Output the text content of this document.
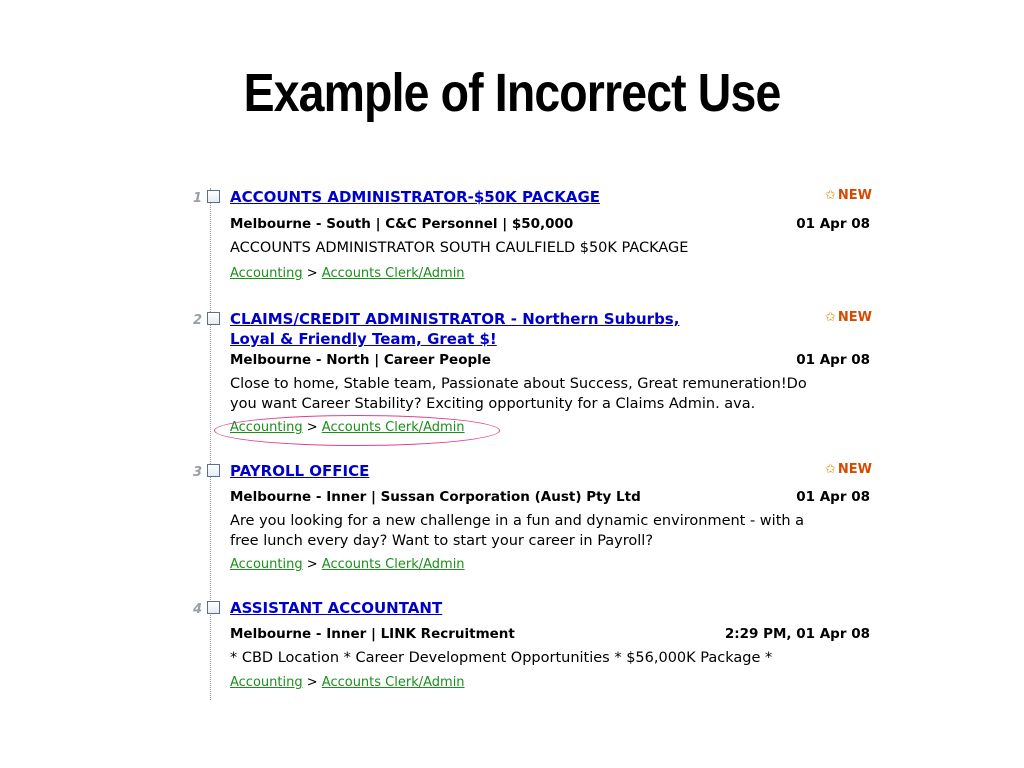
Example of Incorrect Use
1 ACCOUNTS ADMINISTRATOR-$50K PACKAGE	✩ NEW
Melbourne - South | C&C Personnel | $50,000	01 Apr 08
ACCOUNTS ADMINISTRATOR SOUTH CAULFIELD $50K PACKAGE
Accounting > Accounts Clerk/Admin
2 CLAIMS/CREDIT ADMINISTRATOR - Northern Suburbs,
Loyal & Friendly Team, Great $!
✩ NEW
Melbourne - North | Career People	01 Apr 08
Close to home, Stable team, Passionate about Success, Great remuneration!Do
you want Career Stability? Exciting opportunity for a Claims Admin. ava.
Accounting > Accounts Clerk/Admin
3 PAYROLL OFFICE	✩ NEW
Melbourne - Inner | Sussan Corporation (Aust) Pty Ltd	01 Apr 08
Are you looking for a new challenge in a fun and dynamic environment - with a
free lunch every day? Want to start your career in Payroll?
Accounting > Accounts Clerk/Admin
4 ASSISTANT ACCOUNTANT
Melbourne - Inner | LINK Recruitment	2:29 PM, 01 Apr 08
* CBD Location * Career Development Opportunities * $56,000K Package *
Accounting > Accounts Clerk/Admin
